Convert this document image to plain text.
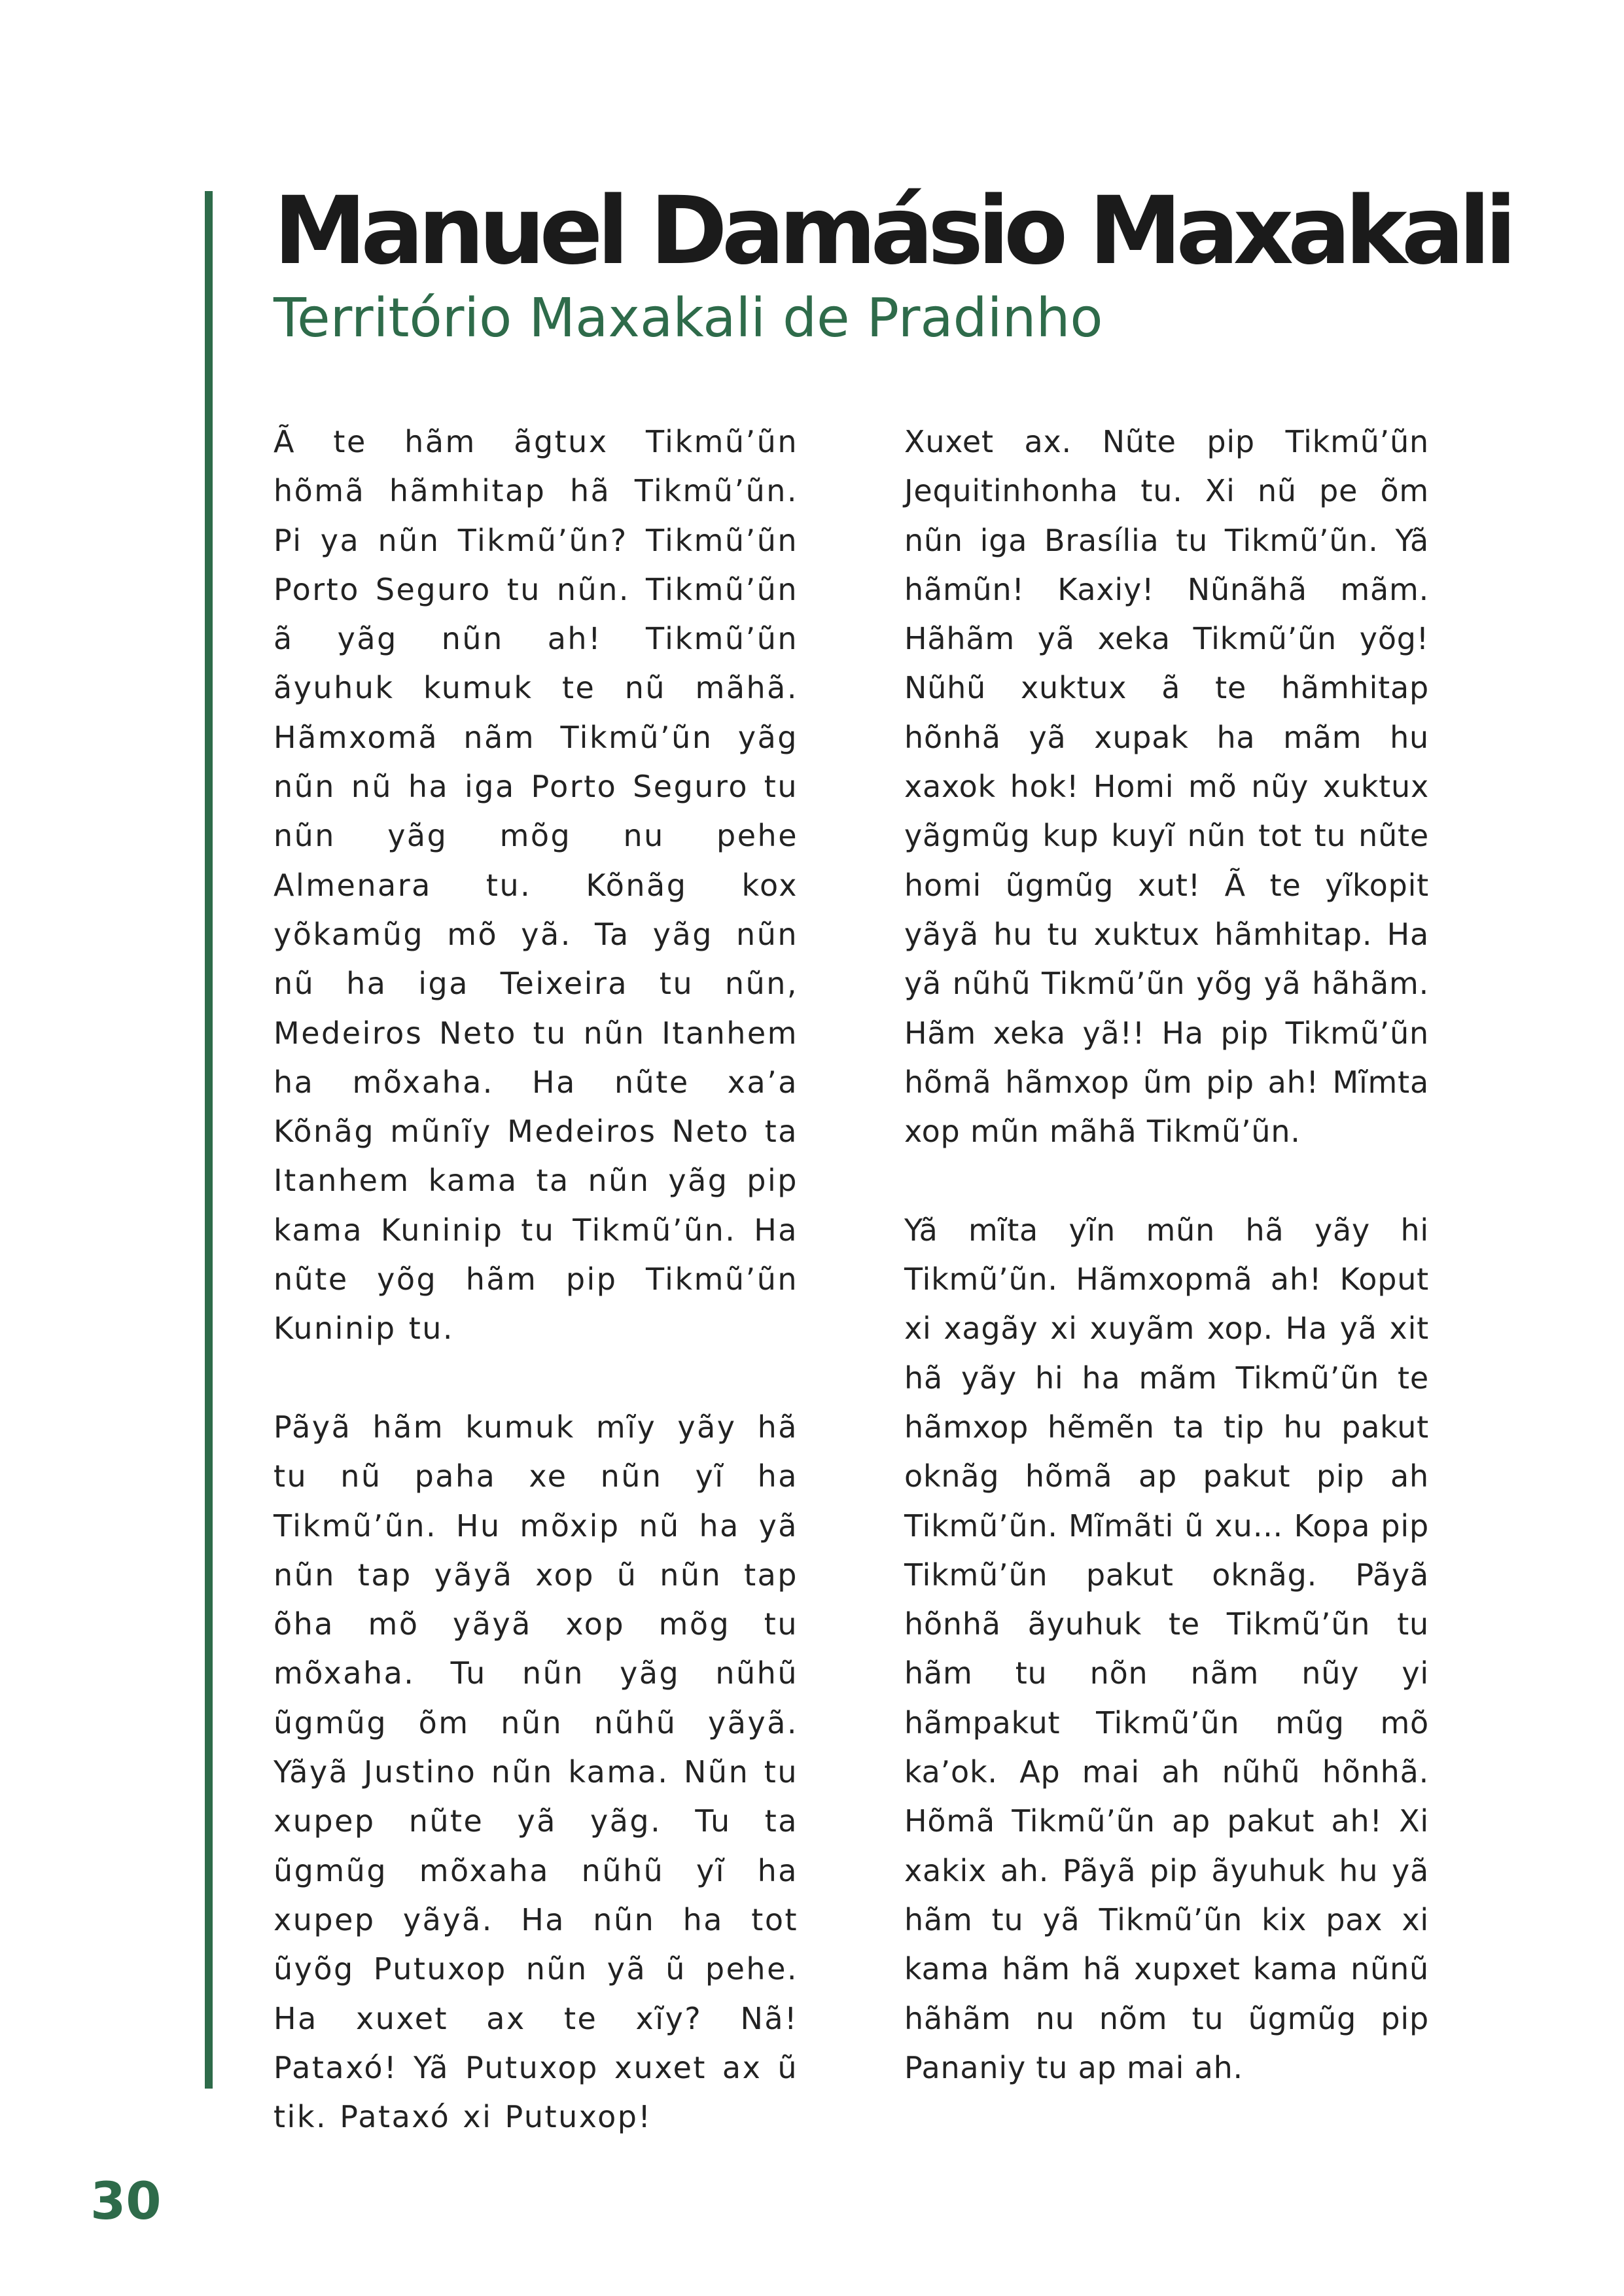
Manuel Damásio Maxakali
Território Maxakali de Pradinho

Ã te hãm ãgtux Tikmũ’ũn hõmã hãmhitap hã Tikmũ’ũn. Pi ya nũn Tikmũ’ũn? Tikmũ’ũn Porto Seguro tu nũn. Tikmũ’ũn ã yãg nũn ah! Tikmũ’ũn ãyuhuk kumuk te nũ mãhã. Hãmxomã nãm Tikmũ’ũn yãg nũn nũ ha iga Porto Seguro tu nũn yãg mõg nu pehe Almenara tu. Kõnãg kox yõkamũg mõ yã. Ta yãg nũn nũ ha iga Teixeira tu nũn, Medeiros Neto tu nũn Itanhem ha mõxaha. Ha nũte xa’a Kõnãg mũnĩy Medeiros Neto ta Itanhem kama ta nũn yãg pip kama Kuninip tu Tikmũ’ũn. Ha nũte yõg hãm pip Tikmũ’ũn Kuninip tu.

Pãyã hãm kumuk mĩy yãy hã tu nũ paha xe nũn yĩ ha Tikmũ’ũn. Hu mõxip nũ ha yã nũn tap yãyã xop ũ nũn tap õha mõ yãyã xop mõg tu mõxaha. Tu nũn yãg nũhũ ũgmũg õm nũn nũhũ yãyã. Yãyã Justino nũn kama. Nũn tu xupep nũte yã yãg. Tu ta ũgmũg mõxaha nũhũ yĩ ha xupep yãyã. Ha nũn ha tot ũyõg Putuxop nũn yã ũ pehe. Ha xuxet ax te xĩy? Nã! Pataxó! Yã Putuxop xuxet ax ũ tik. Pataxó xi Putuxop!

Xuxet ax. Nũte pip Tikmũ’ũn Jequitinhonha tu. Xi nũ pe õm nũn iga Brasília tu Tikmũ’ũn. Yã hãmũn! Kaxiy! Nũnãhã mãm. Hãhãm yã xeka Tikmũ’ũn yõg! Nũhũ xuktux ã te hãmhitap hõnhã yã xupak ha mãm hu xaxok hok! Homi mõ nũy xuktux yãgmũg kup kuyĩ nũn tot tu nũte homi ũgmũg xut! Ã te yĩkopit yãyã hu tu xuktux hãmhitap. Ha yã nũhũ Tikmũ’ũn yõg yã hãhãm. Hãm xeka yã!! Ha pip Tikmũ’ũn hõmã hãmxop ũm pip ah! Mĩmta xop mũn mãhã Tikmũ’ũn.

Yã mĩta yĩn mũn hã yãy hi Tikmũ’ũn. Hãmxopmã ah! Koput xi xagãy xi xuyãm xop. Ha yã xit hã yãy hi ha mãm Tikmũ’ũn te hãmxop hẽmẽn ta tip hu pakut oknãg hõmã ap pakut pip ah Tikmũ’ũn. Mĩmãti ũ xu… Kopa pip Tikmũ’ũn pakut oknãg. Pãyã hõnhã ãyuhuk te Tikmũ’ũn tu hãm tu nõn nãm nũy yi hãmpakut Tikmũ’ũn mũg mõ ka’ok. Ap mai ah nũhũ hõnhã. Hõmã Tikmũ’ũn ap pakut ah! Xi xakix ah. Pãyã pip ãyuhuk hu yã hãm tu yã Tikmũ’ũn kix pax xi kama hãm hã xupxet kama nũnũ hãhãm nu nõm tu ũgmũg pip Pananiy tu ap mai ah.

30
